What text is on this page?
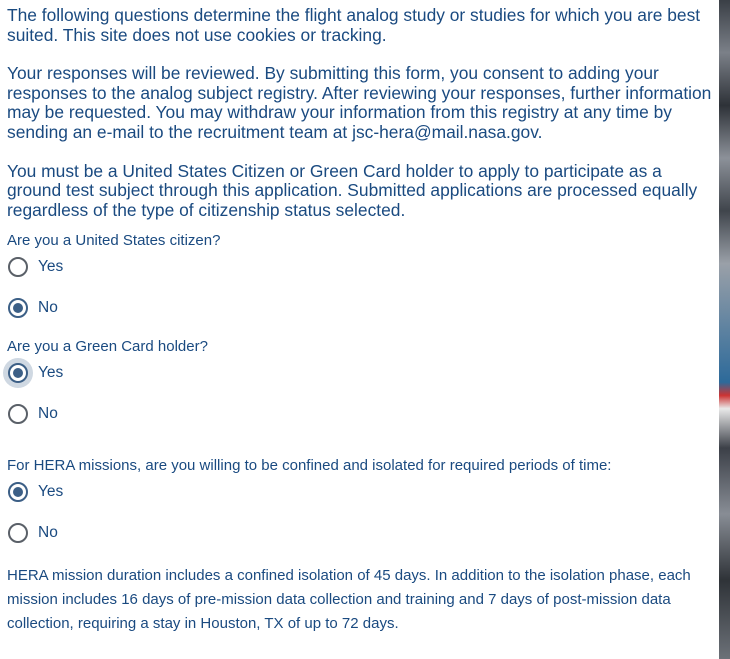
The following questions determine the flight analog study or studies for which you are best suited. This site does not use cookies or tracking.

Your responses will be reviewed. By submitting this form, you consent to adding your responses to the analog subject registry. After reviewing your responses, further information may be requested. You may withdraw your information from this registry at any time by sending an e-mail to the recruitment team at jsc-hera@mail.nasa.gov.

You must be a United States Citizen or Green Card holder to apply to participate as a ground test subject through this application. Submitted applications are processed equally regardless of the type of citizenship status selected.

Are you a United States citizen?

Yes
No

Are you a Green Card holder?

Yes
No

For HERA missions, are you willing to be confined and isolated for required periods of time:

Yes
No

HERA mission duration includes a confined isolation of 45 days. In addition to the isolation phase, each mission includes 16 days of pre-mission data collection and training and 7 days of post-mission data collection, requiring a stay in Houston, TX of up to 72 days.
